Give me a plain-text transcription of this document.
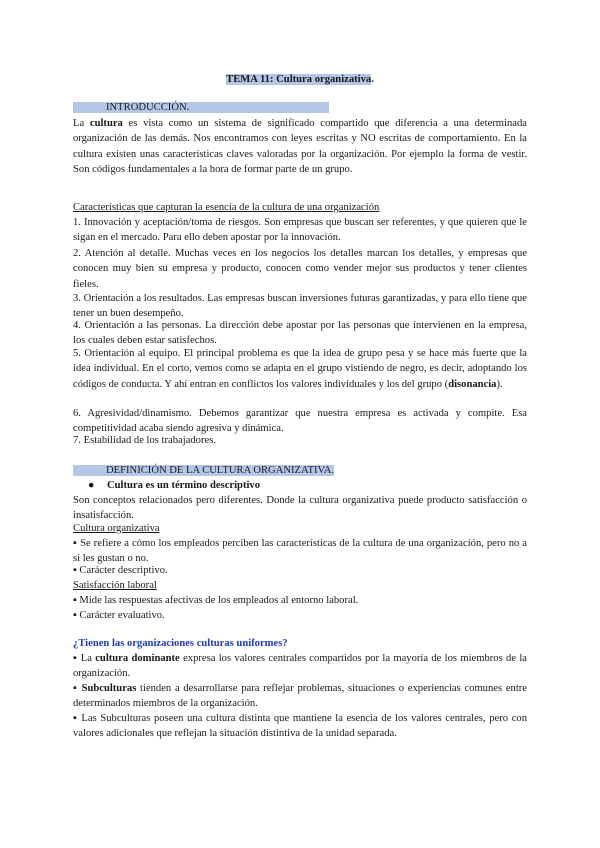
TEMA 11: Cultura organizativa.
INTRODUCCIÓN.

La cultura es vista como un sistema de significado compartido que diferencia a una determinada organización de las demás. Nos encontramos con leyes escritas y NO escritas de comportamiento. En la cultura existen unas características claves valoradas por la organización. Por ejemplo la forma de vestir. Son códigos fundamentales a la hora de formar parte de un grupo.

Características que capturan la esencia de la cultura de una organización

1. Innovación y aceptación/toma de riesgos. Son empresas que buscan ser referentes, y que quieren que le sigan en el mercado. Para ello deben apostar por la innovación.

2. Atención al detalle. Muchas veces en los negocios los detalles marcan los detalles, y empresas que conocen muy bien su empresa y producto, conocen como vender mejor sus productos y tener clientes fieles.

3. Orientación a los resultados. Las empresas buscan inversiones futuras garantizadas, y para ello tiene que tener un buen desempeño.

4. Orientación a las personas. La dirección debe apostar por las personas que intervienen en la empresa, los cuales deben estar satisfechos.

5. Orientación al equipo. El principal problema es que la idea de grupo pesa y se hace más fuerte que la idea individual. En el corto, vemos como se adapta en el grupo vistiendo de negro, es decir, adoptando los códigos de conducta. Y ahí entran en conflictos los valores individuales y los del grupo (disonancia).

6. Agresividad/dinamismo. Debemos garantizar que nuestra empresa es activada y compite. Esa competitividad acaba siendo agresiva y dinámica.

7. Estabilidad de los trabajadores.

DEFINICIÓN DE LA CULTURA ORGANIZATIVA.
● Cultura es un término descriptivo

Son conceptos relacionados pero diferentes. Donde la cultura organizativa puede producto satisfacción o insatisfacción.

Cultura organizativa

▪ Se refiere a cómo los empleados perciben las características de la cultura de una organización, pero no a si les gustan o no.

▪ Carácter descriptivo.

Satisfacción laboral

▪ Mide las respuestas afectivas de los empleados al entorno laboral.

▪ Carácter evaluativo.

¿Tienen las organizaciones culturas uniformes?

▪ La cultura dominante expresa los valores centrales compartidos por la mayoría de los miembros de la organización.

▪ Subculturas tienden a desarrollarse para reflejar problemas, situaciones o experiencias comunes entre determinados miembros de la organización.

▪ Las Subculturas poseen una cultura distinta que mantiene la esencia de los valores centrales, pero con valores adicionales que reflejan la situación distintiva de la unidad separada.
